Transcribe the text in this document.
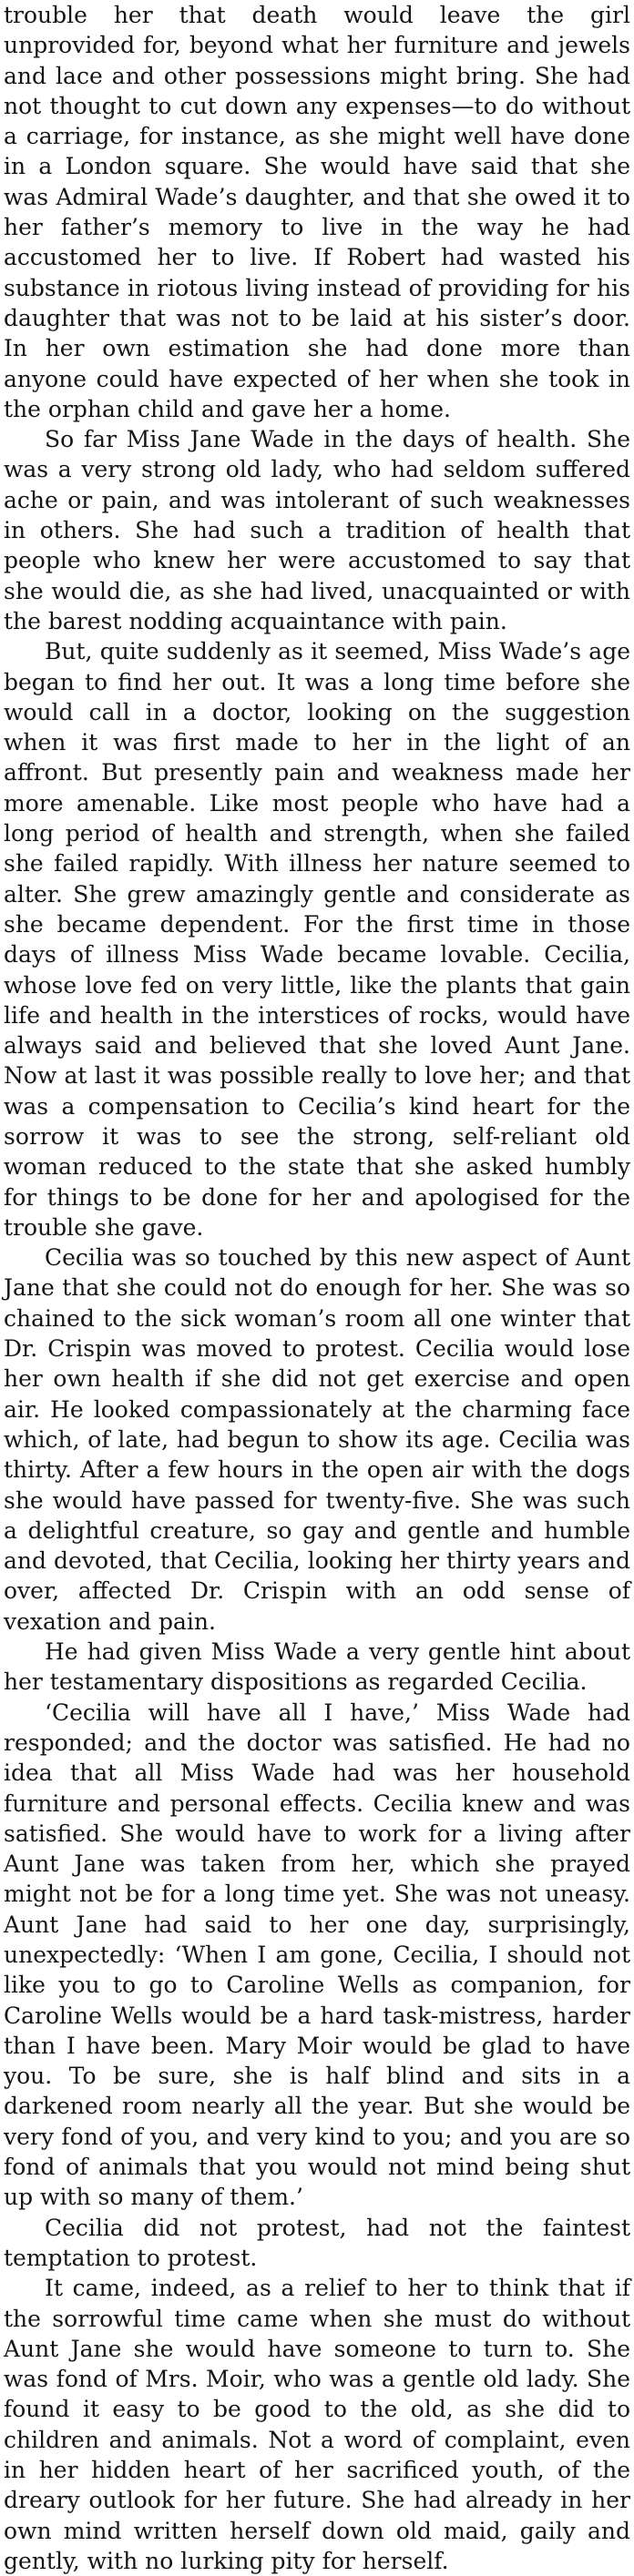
trouble her that death would leave the girl unprovided for, beyond what her furniture and jewels and lace and other possessions might bring. She had not thought to cut down any expenses—to do without a carriage, for instance, as she might well have done in a London square. She would have said that she was Admiral Wade’s daughter, and that she owed it to her father’s memory to live in the way he had accustomed her to live. If Robert had wasted his substance in riotous living instead of providing for his daughter that was not to be laid at his sister’s door. In her own estimation she had done more than anyone could have expected of her when she took in the orphan child and gave her a home.

So far Miss Jane Wade in the days of health. She was a very strong old lady, who had seldom suffered ache or pain, and was intolerant of such weaknesses in others. She had such a tradition of health that people who knew her were accustomed to say that she would die, as she had lived, unacquainted or with the barest nodding acquaintance with pain.

But, quite suddenly as it seemed, Miss Wade’s age began to find her out. It was a long time before she would call in a doctor, looking on the suggestion when it was first made to her in the light of an affront. But presently pain and weakness made her more amenable. Like most people who have had a long period of health and strength, when she failed she failed rapidly. With illness her nature seemed to alter. She grew amazingly gentle and considerate as she became dependent. For the first time in those days of illness Miss Wade became lovable. Cecilia, whose love fed on very little, like the plants that gain life and health in the interstices of rocks, would have always said and believed that she loved Aunt Jane. Now at last it was possible really to love her; and that was a compensation to Cecilia’s kind heart for the sorrow it was to see the strong, self-reliant old woman reduced to the state that she asked humbly for things to be done for her and apologised for the trouble she gave.

Cecilia was so touched by this new aspect of Aunt Jane that she could not do enough for her. She was so chained to the sick woman’s room all one winter that Dr. Crispin was moved to protest. Cecilia would lose her own health if she did not get exercise and open air. He looked compassionately at the charming face which, of late, had begun to show its age. Cecilia was thirty. After a few hours in the open air with the dogs she would have passed for twenty-five. She was such a delightful creature, so gay and gentle and humble and devoted, that Cecilia, looking her thirty years and over, affected Dr. Crispin with an odd sense of vexation and pain.

He had given Miss Wade a very gentle hint about her testamentary dispositions as regarded Cecilia.

‘Cecilia will have all I have,’ Miss Wade had responded; and the doctor was satisfied. He had no idea that all Miss Wade had was her household furniture and personal effects. Cecilia knew and was satisfied. She would have to work for a living after Aunt Jane was taken from her, which she prayed might not be for a long time yet. She was not uneasy. Aunt Jane had said to her one day, surprisingly, unexpectedly: ‘When I am gone, Cecilia, I should not like you to go to Caroline Wells as companion, for Caroline Wells would be a hard task-mistress, harder than I have been. Mary Moir would be glad to have you. To be sure, she is half blind and sits in a darkened room nearly all the year. But she would be very fond of you, and very kind to you; and you are so fond of animals that you would not mind being shut up with so many of them.’

Cecilia did not protest, had not the faintest temptation to protest.

It came, indeed, as a relief to her to think that if the sorrowful time came when she must do without Aunt Jane she would have someone to turn to. She was fond of Mrs. Moir, who was a gentle old lady. She found it easy to be good to the old, as she did to children and animals. Not a word of complaint, even in her hidden heart of her sacrificed youth, of the dreary outlook for her future. She had already in her own mind written herself down old maid, gaily and gently, with no lurking pity for herself.
